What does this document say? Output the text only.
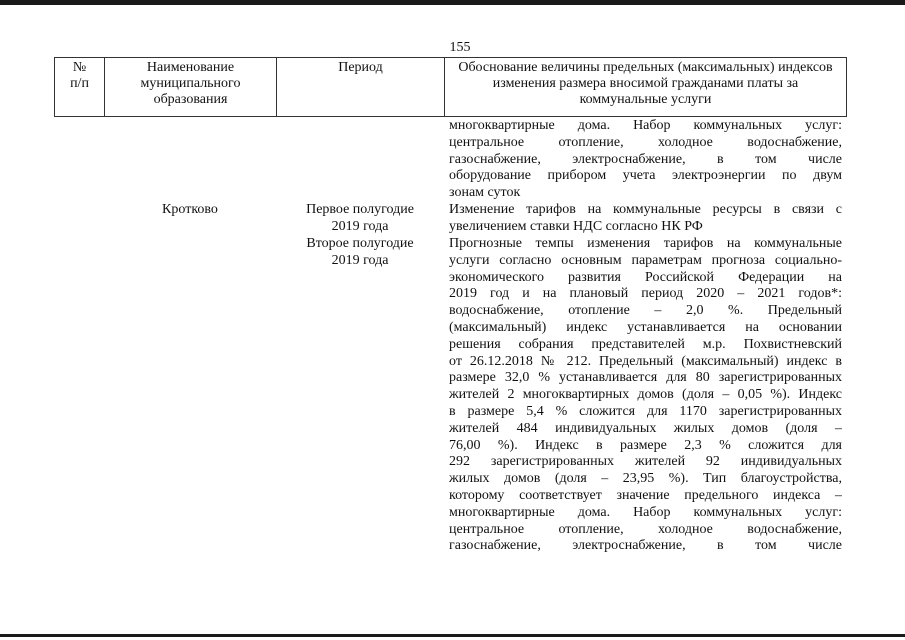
155
№ п/п
Наименование муниципального образования
Период	Обоснование величины предельных (максимальных) индексов изменения размера вносимой гражданами платы за коммунальные услуги
многоквартирные дома. Набор коммунальных услуг:
центральное отопление, холодное водоснабжение,
газоснабжение, электроснабжение, в том числе
оборудование прибором учета электроэнергии по двум
зонам суток
Кротково	Первое полугодие 2019 года
Второе полугодие 2019 года
Изменение тарифов на коммунальные ресурсы в связи с
увеличением ставки НДС согласно НК РФ
Прогнозные темпы изменения тарифов на коммунальные
услуги согласно основным параметрам прогноза социально-
экономического развития Российской Федерации на
2019 год и на плановый период 2020 – 2021 годов*:
водоснабжение, отопление – 2,0 %. Предельный
(максимальный) индекс устанавливается на основании
решения собрания представителей м.р. Похвистневский
от 26.12.2018 № 212. Предельный (максимальный) индекс в
размере 32,0 % устанавливается для 80 зарегистрированных
жителей 2 многоквартирных домов (доля – 0,05 %). Индекс
в размере 5,4 % сложится для 1170 зарегистрированных
жителей 484 индивидуальных жилых домов (доля –
76,00 %). Индекс в размере 2,3 % сложится для
292 зарегистрированных жителей 92 индивидуальных
жилых домов (доля – 23,95 %). Тип благоустройства,
которому соответствует значение предельного индекса –
многоквартирные дома. Набор коммунальных услуг:
центральное отопление, холодное водоснабжение,
газоснабжение, электроснабжение, в том числе
